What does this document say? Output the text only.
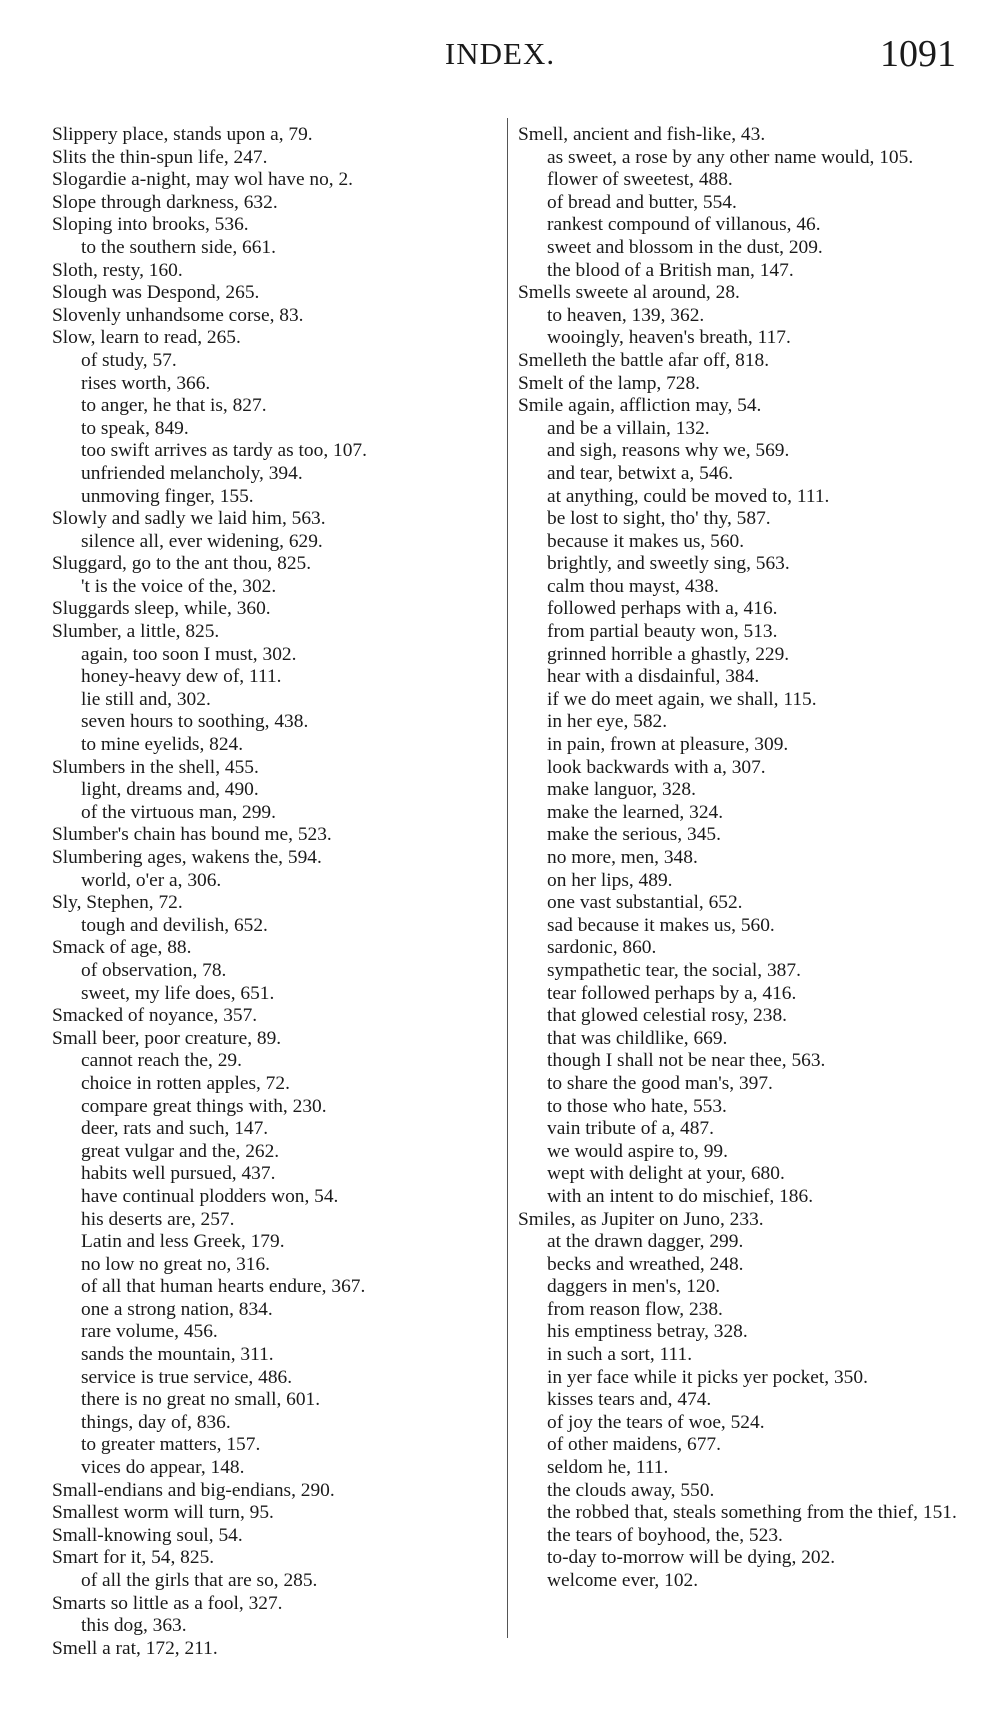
INDEX.	1091
Slippery place, stands upon a, 79.
Slits the thin-spun life, 247.
Slogardie a-night, may wol have no, 2.
Slope through darkness, 632.
Sloping into brooks, 536.
to the southern side, 661.
Sloth, resty, 160.
Slough was Despond, 265.
Slovenly unhandsome corse, 83.
Slow, learn to read, 265.
of study, 57.
rises worth, 366.
to anger, he that is, 827.
to speak, 849.
too swift arrives as tardy as too, 107.
unfriended melancholy, 394.
unmoving finger, 155.
Slowly and sadly we laid him, 563.
silence all, ever widening, 629.
Sluggard, go to the ant thou, 825.
't is the voice of the, 302.
Sluggards sleep, while, 360.
Slumber, a little, 825.
again, too soon I must, 302.
honey-heavy dew of, 111.
lie still and, 302.
seven hours to soothing, 438.
to mine eyelids, 824.
Slumbers in the shell, 455.
light, dreams and, 490.
of the virtuous man, 299.
Slumber's chain has bound me, 523.
Slumbering ages, wakens the, 594.
world, o'er a, 306.
Sly, Stephen, 72.
tough and devilish, 652.
Smack of age, 88.
of observation, 78.
sweet, my life does, 651.
Smacked of noyance, 357.
Small beer, poor creature, 89.
cannot reach the, 29.
choice in rotten apples, 72.
compare great things with, 230.
deer, rats and such, 147.
great vulgar and the, 262.
habits well pursued, 437.
have continual plodders won, 54.
his deserts are, 257.
Latin and less Greek, 179.
no low no great no, 316.
of all that human hearts endure, 367.
one a strong nation, 834.
rare volume, 456.
sands the mountain, 311.
service is true service, 486.
there is no great no small, 601.
things, day of, 836.
to greater matters, 157.
vices do appear, 148.
Small-endians and big-endians, 290.
Smallest worm will turn, 95.
Small-knowing soul, 54.
Smart for it, 54, 825.
of all the girls that are so, 285.
Smarts so little as a fool, 327.
this dog, 363.
Smell a rat, 172, 211.
Smell, ancient and fish-like, 43.
as sweet, a rose by any other name would, 105.
flower of sweetest, 488.
of bread and butter, 554.
rankest compound of villanous, 46.
sweet and blossom in the dust, 209.
the blood of a British man, 147.
Smells sweete al around, 28.
to heaven, 139, 362.
wooingly, heaven's breath, 117.
Smelleth the battle afar off, 818.
Smelt of the lamp, 728.
Smile again, affliction may, 54.
and be a villain, 132.
and sigh, reasons why we, 569.
and tear, betwixt a, 546.
at anything, could be moved to, 111.
be lost to sight, tho' thy, 587.
because it makes us, 560.
brightly, and sweetly sing, 563.
calm thou mayst, 438.
followed perhaps with a, 416.
from partial beauty won, 513.
grinned horrible a ghastly, 229.
hear with a disdainful, 384.
if we do meet again, we shall, 115.
in her eye, 582.
in pain, frown at pleasure, 309.
look backwards with a, 307.
make languor, 328.
make the learned, 324.
make the serious, 345.
no more, men, 348.
on her lips, 489.
one vast substantial, 652.
sad because it makes us, 560.
sardonic, 860.
sympathetic tear, the social, 387.
tear followed perhaps by a, 416.
that glowed celestial rosy, 238.
that was childlike, 669.
though I shall not be near thee, 563.
to share the good man's, 397.
to those who hate, 553.
vain tribute of a, 487.
we would aspire to, 99.
wept with delight at your, 680.
with an intent to do mischief, 186.
Smiles, as Jupiter on Juno, 233.
at the drawn dagger, 299.
becks and wreathed, 248.
daggers in men's, 120.
from reason flow, 238.
his emptiness betray, 328.
in such a sort, 111.
in yer face while it picks yer pocket, 350.
kisses tears and, 474.
of joy the tears of woe, 524.
of other maidens, 677.
seldom he, 111.
the clouds away, 550.
the robbed that, steals something from the thief, 151.
the tears of boyhood, the, 523.
to-day to-morrow will be dying, 202.
welcome ever, 102.
